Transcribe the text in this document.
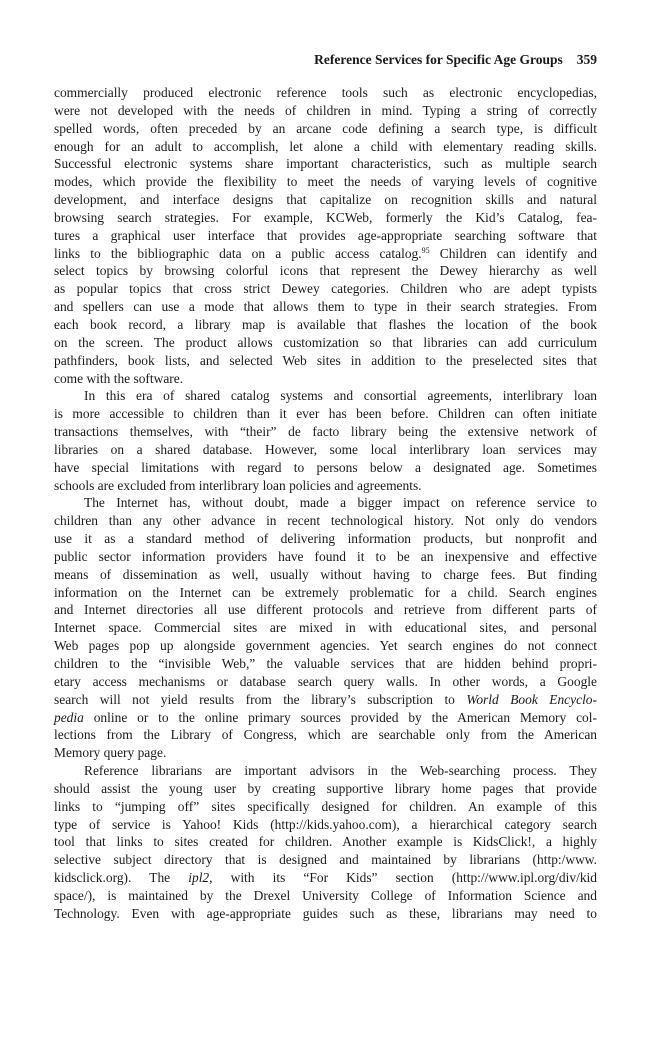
Reference Services for Specific Age Groups 359
commercially produced electronic reference tools such as electronic encyclopedias,
were not developed with the needs of children in mind. Typing a string of correctly
spelled words, often preceded by an arcane code defining a search type, is difficult
enough for an adult to accomplish, let alone a child with elementary reading skills.
Successful electronic systems share important characteristics, such as multiple search
modes, which provide the flexibility to meet the needs of varying levels of cognitive
development, and interface designs that capitalize on recognition skills and natural
browsing search strategies. For example, KCWeb, formerly the Kid’s Catalog, fea-
tures a graphical user interface that provides age-appropriate searching software that
links to the bibliographic data on a public access catalog.$^{95}$ Children can identify and
select topics by browsing colorful icons that represent the Dewey hierarchy as well
as popular topics that cross strict Dewey categories. Children who are adept typists
and spellers can use a mode that allows them to type in their search strategies. From
each book record, a library map is available that flashes the location of the book
on the screen. The product allows customization so that libraries can add curriculum
pathfinders, book lists, and selected Web sites in addition to the preselected sites that
come with the software.
In this era of shared catalog systems and consortial agreements, interlibrary loan
is more accessible to children than it ever has been before. Children can often initiate
transactions themselves, with “their” de facto library being the extensive network of
libraries on a shared database. However, some local interlibrary loan services may
have special limitations with regard to persons below a designated age. Sometimes
schools are excluded from interlibrary loan policies and agreements.
The Internet has, without doubt, made a bigger impact on reference service to
children than any other advance in recent technological history. Not only do vendors
use it as a standard method of delivering information products, but nonprofit and
public sector information providers have found it to be an inexpensive and effective
means of dissemination as well, usually without having to charge fees. But finding
information on the Internet can be extremely problematic for a child. Search engines
and Internet directories all use different protocols and retrieve from different parts of
Internet space. Commercial sites are mixed in with educational sites, and personal
Web pages pop up alongside government agencies. Yet search engines do not connect
children to the “invisible Web,” the valuable services that are hidden behind propri-
etary access mechanisms or database search query walls. In other words, a Google
search will not yield results from the library’s subscription to World Book Encyclo-
pedia online or to the online primary sources provided by the American Memory col-
lections from the Library of Congress, which are searchable only from the American
Memory query page.
Reference librarians are important advisors in the Web-searching process. They
should assist the young user by creating supportive library home pages that provide
links to “jumping off” sites specifically designed for children. An example of this
type of service is Yahoo! Kids (http://kids.yahoo.com), a hierarchical category search
tool that links to sites created for children. Another example is KidsClick!, a highly
selective subject directory that is designed and maintained by librarians (http:/www.
kidsclick.org). The ipl2, with its “For Kids” section (http://www.ipl.org/div/kid
space/), is maintained by the Drexel University College of Information Science and
Technology. Even with age-appropriate guides such as these, librarians may need to
